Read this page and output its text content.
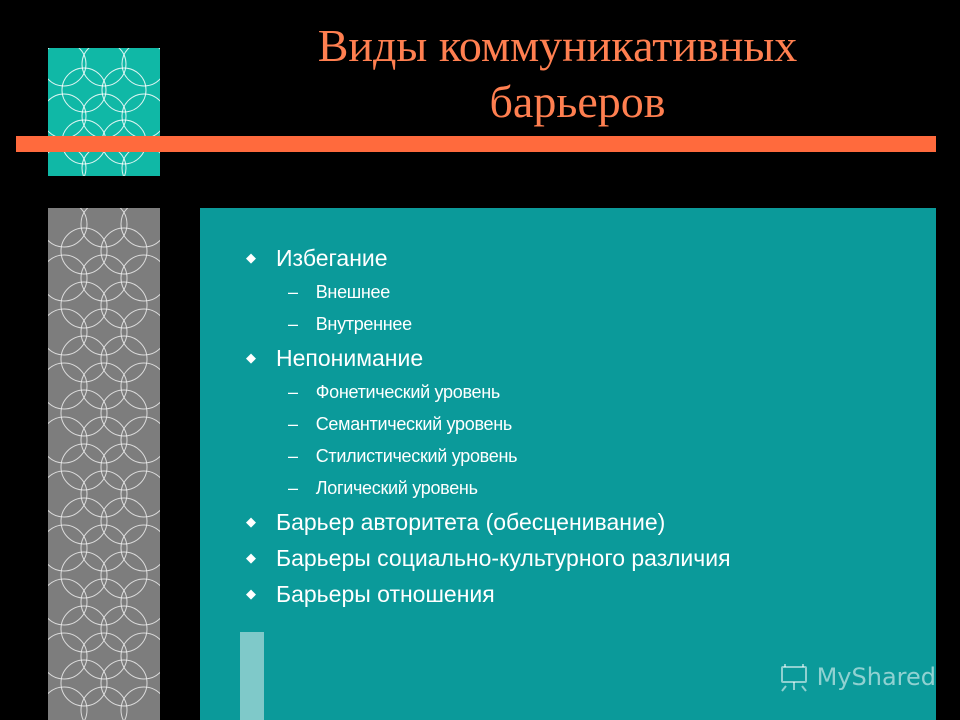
Виды коммуникативных
барьеров
◆ Избегание
– Внешнее
– Внутреннее
◆ Непонимание
– Фонетический уровень
– Семантический уровень
– Стилистический уровень
– Логический уровень
◆ Барьер авторитета (обесценивание)
◆ Барьеры социально-культурного различия
◆ Барьеры отношения
MyShared
